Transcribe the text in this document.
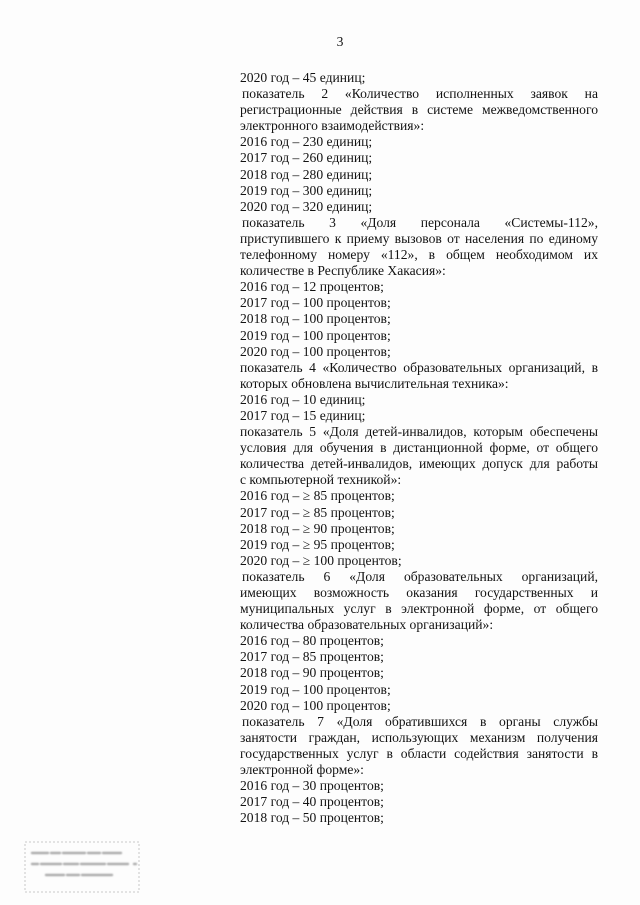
3
2020 год – 45 единиц;
показатель 2 «Количество исполненных заявок на
регистрационные действия в системе межведомственного
электронного взаимодействия»:
2016 год – 230 единиц;
2017 год – 260 единиц;
2018 год – 280 единиц;
2019 год – 300 единиц;
2020 год – 320 единиц;
показатель 3 «Доля персонала «Системы-112»,
приступившего к приему вызовов от населения по единому
телефонному номеру «112», в общем необходимом их
количестве в Республике Хакасия»:
2016 год – 12 процентов;
2017 год – 100 процентов;
2018 год – 100 процентов;
2019 год – 100 процентов;
2020 год – 100 процентов;
показатель 4 «Количество образовательных организаций, в
которых обновлена вычислительная техника»:
2016 год – 10 единиц;
2017 год – 15 единиц;
показатель 5 «Доля детей-инвалидов, которым обеспечены
условия для обучения в дистанционной форме, от общего
количества детей-инвалидов, имеющих допуск для работы
с компьютерной техникой»:
2016 год – ≥ 85 процентов;
2017 год – ≥ 85 процентов;
2018 год – ≥ 90 процентов;
2019 год – ≥ 95 процентов;
2020 год – ≥ 100 процентов;
показатель 6 «Доля образовательных организаций,
имеющих возможность оказания государственных и
муниципальных услуг в электронной форме, от общего
количества образовательных организаций»:
2016 год – 80 процентов;
2017 год – 85 процентов;
2018 год – 90 процентов;
2019 год – 100 процентов;
2020 год – 100 процентов;
показатель 7 «Доля обратившихся в органы службы
занятости граждан, использующих механизм получения
государственных услуг в области содействия занятости в
электронной форме»:
2016 год – 30 процентов;
2017 год – 40 процентов;
2018 год – 50 процентов;
